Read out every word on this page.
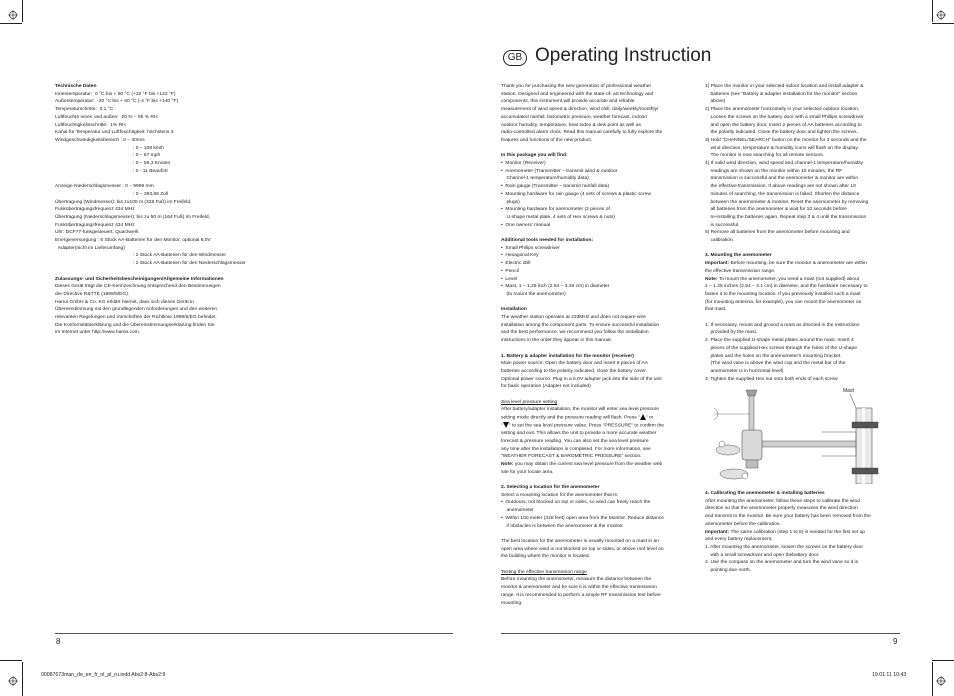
Technische Daten

Innentemperatur:  0 °C bis + 50 °C (+32 °F bis +122 °F)

Außentemperatur:  -20 °C bis + 60 °C (-4 °F bis +140 °F)

Temperaturschritte:  0,1 °C

Luftfeuchte innen und außen:  20 % – 95 % RH

Luftfeuchtigkeitsschritte:  1% RH

Kanal für Temperatur und Luftfeuchtigkeit: höchstens 3

Windgeschwindigkeitsbereich : 0 – 30m/s

: 0 – 108 km/h

: 0 – 67 mph

: 0 – 58,3 Knoten

: 0 - 11 Beaufort

Anzeige Niederschlagsmesser : 0 – 9999 mm

: 0 – 393,66 Zoll

Übertragung (Windmesser): bis zu100 m (328 Fuß) im Freifeld,

Funkübertragungsfrequenz 434 MHz

Übertragung (Niederschlagsmesser): bis zu 50 m (164 Fuß) im Freifeld,

Funkübertragungsfrequenz 434 MHz

Uhr: DCF77-funkgesteuert, Quarzwerk

Energieversorgung : 6 Stück AA-Batterien für den Monitor, optional 6,0V

Adapter(nicht im Lieferumfang)

: 2 Stück AA-Batterien für den Windmesser

: 2 Stück AA-Batterien für den Niederschlagsmesser

Zulassungs- und Sicherheitsbescheinigungen/Allgemeine Informationen

Dieses Gerät trägt die CE-Kennzeichnung entsprechend den Bestimmungen

der Directive R&TTE (1999/5/EG).

Hama GmbH & Co. KG erklärt hiermit, dass sich dieses Gerät in

Übereinstimmung mit den grundlegenden Anforderungen und den weiteren

relevanten Regelungen und Vorschriften der Richtlinie 1999/5/EG befindet.

Die Konformitätserklärung und die Übereinstimmungserklärung finden Sie

im Internet unter http://www.hama.com.

8
GB Operating Instruction

Thank you for purchasing the new generation of professional weather

station. Designed and engineered with the state-of- art technology and

components, this instrument will provide accurate and reliable

measurement of wind speed & direction, wind chill, daily/weekly/monthly/

accumulated rainfall, barometric pressure, weather forecast, indoor/

outdoor humidity, temperature, heat index & dew point as well as

radio-controlled alarm clock. Read this manual carefully to fully explore the

features and functions of the new product.

In this package you will find:

•  Monitor (Receiver)

•  Anemometer (Transmitter – transmit wind & outdoor

Channel-1 temperature/humidity data)

•  Rain gauge (Transmitter – transmit rainfall data)

•  Mounting hardware for rain gauge (4 sets of screws & plastic screw

plugs)

•  Mounting hardware for anemometer (2 pieces of

U-shape metal plate, 4 sets of Hex screws & nuts)

•  One owners' manual

Additional tools needed for installation:

•  Small Philips screwdriver

•  Hexagonal Key

•  Electric drill

•  Pencil

•  Level

•  Mast, 1 – 1.25 inch (2.54 – 3.18 cm) in diameter

(to mount the anemometer)

Installation

The weather station operates at 433MHz and does not require wire

installation among the component parts. To ensure successful installation

and the best performance, we recommend you follow the installation

instructions in the order they appear in this manual.

1. Battery & adapter installation for the monitor (receiver)

Main power source: Open the battery door and insert 6 pieces of AA

batteries according to the polarity indicated, close the battery cover.

Optional power source: Plug in a 6.0V adapter jack into the side of the unit

for basic operation (Adapter not included)

Sea level pressure setting

After battery/adapter installation, the monitor will enter sea level pressure

setting mode directly and the pressure reading will flash. Press " " or

" " to set the sea level pressure value. Press "PRESSURE" to confirm the

setting and exit. This allows the unit to provide a more accurate weather

forecast & pressure reading. You can also set the sea level pressure

any time after the installation is completed. For more information, see

"WEATHER FORECAST & BAROMETRIC PRESSURE" section.

Note: you may obtain the current sea level pressure from the weather web

site for your locate area.

2. Selecting a location for the anemometer

Select a mounting location for the anemometer that is:

•  Outdoors, not blocked on top or sides, so wind can freely reach the

anemometer

•  Within 100 meter (328 feet) open area from the Monitor. Reduce distance

if obstacles is between the anemometer & the monitor

The best location for the anemometer is usually mounted on a mast in an

open area where wind is not blocked on top or sides, or above roof level on

the building where the monitor is located.

Testing the effective transmission range

Before mounting the anemometer, measure the distance between the

monitor & anemometer and be sure it is within the effective transmission

range. It is recommended to perform a simple RF transmission test before

mounting.

1) Place the monitor in your selected indoor location and install adapter &

batteries (see "Battery & adapter installation for the monitor" section

above)

2) Place the anemometer horizontally in your selected outdoor location.

Loosen the screws on the battery door with a small Phillips screwdriver

and open the battery door. Insert 2 pieces of AA batteries according to

the polarity indicated. Close the battery door and tighten the screws.

3) Hold "CHANNEL/SEARCH" button on the monitor for 3 seconds and the

wind direction, temperature & humidity icons will flash on the display.

The monitor is now searching for all remote sensors.

4) If valid wind direction, wind speed and channel-1 temperature/humidity

readings are shown on the monitor within 10 minutes, the RF

transmission is successful and the anemometer & monitor are within

the effective transmission. If above readings are not shown after 10

minutes of searching, the transmission is failed. Shorten the distance

between the anemometer & monitor. Reset the anemometer by removing

all batteries from the anemometer & wait for 10 seconds before

re-installing the batteries again. Repeat step 3 & 4 until the transmission

is successful.

5) Remove all batteries from the anemometer before mounting and

calibration.

3. Mounting the anemometer

Important: Before mounting, be sure the monitor & anemometer are within

the effective transmission range.

Note: To mount the anemometer, you need a mast (not supplied) about

1 – 1.25 inches (2.54 – 3.1 cm) in diameter, and the hardware necessary to

fasten it to the mounting location. If you previously installed such a mast

(for mounting antenna, for example), you can mount the anemometer on

that mast.

1. If necessary, mount and ground a mast as directed in the instructions

provided by the mast.

2. Place the supplied U-shape metal plates around the mast. Insert 4

pieces of the supplied Hex screws through the holes of the U-shape

plates and the holes on the anemometer's mounting bracket.

(The wind vane is above the wind cup and the metal bar of the

anemometer is in horizontal level)

3. Tighten the supplied Hex nut onto both ends of each screw

Mast

4. Calibrating the anemometer & installing batteries

After mounting the anemometer, follow these steps to calibrate the wind

direction so that the anemometer properly measures the wind direction

and transmit to the monitor. Be sure your battery has been removed from the

anemometer before the calibration.

Important: The same calibration (step 1 to 5) is needed for the first set up

and every battery replacement.

1. After mounting the anemometer, loosen the screws on the battery door

with a small screwdriver and open thebattery door.

2. Use the compass on the anemometer and turn the wind vane so it is

pointing due north.

9
00087673man_de_en_fr_nl_pl_ru.indd Abs2:8-Abs2:9	19.01.11 10:43
